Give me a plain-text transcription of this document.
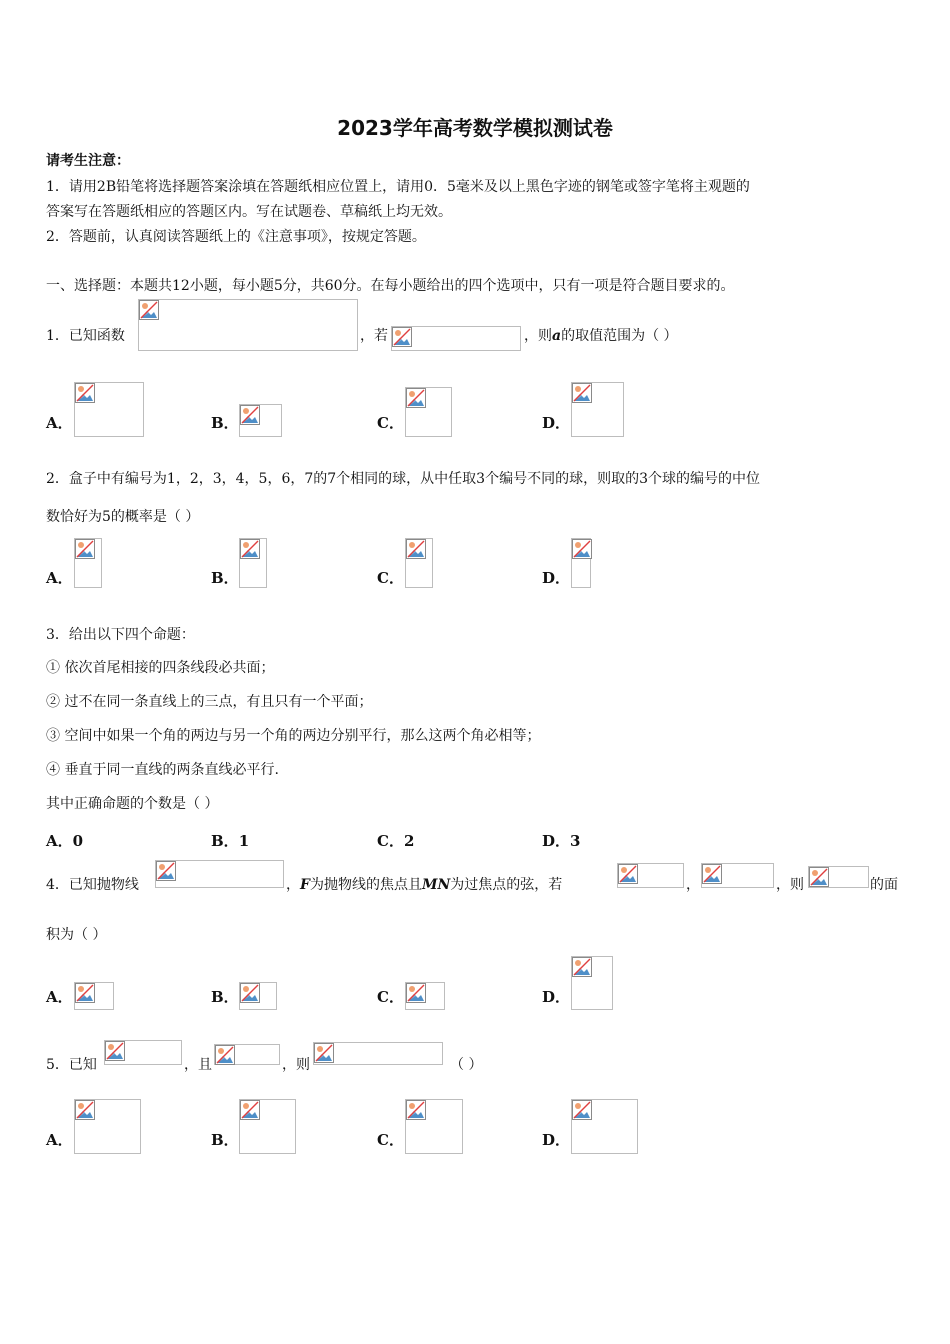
2023学年高考数学模拟测试卷
请考生注意：
1．请用2B铅笔将选择题答案涂填在答题纸相应位置上，请用0．5毫米及以上黑色字迹的钢笔或签字笔将主观题的
答案写在答题纸相应的答题区内。写在试题卷、草稿纸上均无效。
2．答题前，认真阅读答题纸上的《注意事项》，按规定答题。
一、选择题：本题共12小题，每小题5分，共60分。在每小题给出的四个选项中，只有一项是符合题目要求的。
1．已知函数	，若	，则a的取值范围为（ ）
A．	B．	C．	D．
2．盒子中有编号为1，2，3，4，5，6，7的7个相同的球，从中任取3个编号不同的球，则取的3个球的编号的中位
数恰好为5的概率是（ ）
A．	B．	C．	D．
3．给出以下四个命题：
① 依次首尾相接的四条线段必共面；
② 过不在同一条直线上的三点，有且只有一个平面；
③ 空间中如果一个角的两边与另一个角的两边分别平行，那么这两个角必相等；
④ 垂直于同一直线的两条直线必平行.
其中正确命题的个数是（ ）
A．0	B．1	C．2	D．3
4．已知抛物线	，F为抛物线的焦点且MN为过焦点的弦，若	，	，则	的面
积为（ ）
A．	B．	C．	D．
5．已知	，且	，则	（ ）
A．	B．	C．	D．
